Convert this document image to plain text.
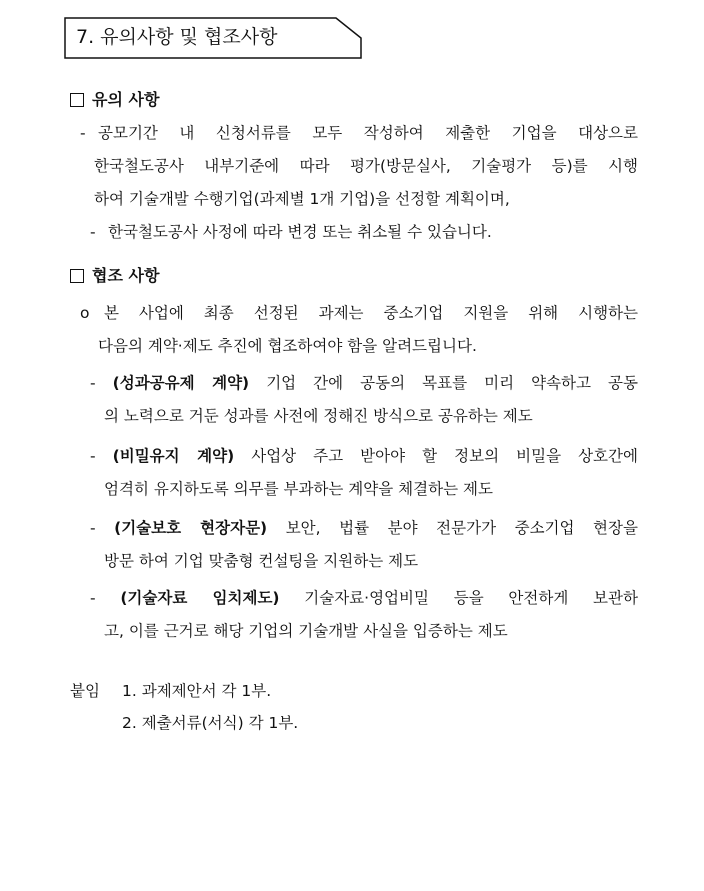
7. 유의사항 및 협조사항
유의 사항
- 공모기간 내 신청서류를 모두 작성하여 제출한 기업을 대상으로
한국철도공사 내부기준에 따라 평가(방문실사, 기술평가 등)를 시행
하여 기술개발 수행기업(과제별 1개 기업)을 선정할 계획이며,
- 한국철도공사 사정에 따라 변경 또는 취소될 수 있습니다.
협조 사항
o 본 사업에 최종 선정된 과제는 중소기업 지원을 위해 시행하는
다음의 계약·제도 추진에 협조하여야 함을 알려드립니다.
- (성과공유제 계약) 기업 간에 공동의 목표를 미리 약속하고 공동
의 노력으로 거둔 성과를 사전에 정해진 방식으로 공유하는 제도
- (비밀유지 계약) 사업상 주고 받아야 할 정보의 비밀을 상호간에
엄격히 유지하도록 의무를 부과하는 계약을 체결하는 제도
- (기술보호 현장자문) 보안, 법률 분야 전문가가 중소기업 현장을
방문 하여 기업 맞춤형 컨설팅을 지원하는 제도
- (기술자료 임치제도) 기술자료·영업비밀 등을 안전하게 보관하
고, 이를 근거로 해당 기업의 기술개발 사실을 입증하는 제도
붙임 1. 과제제안서 각 1부.
2. 제출서류(서식) 각 1부.
